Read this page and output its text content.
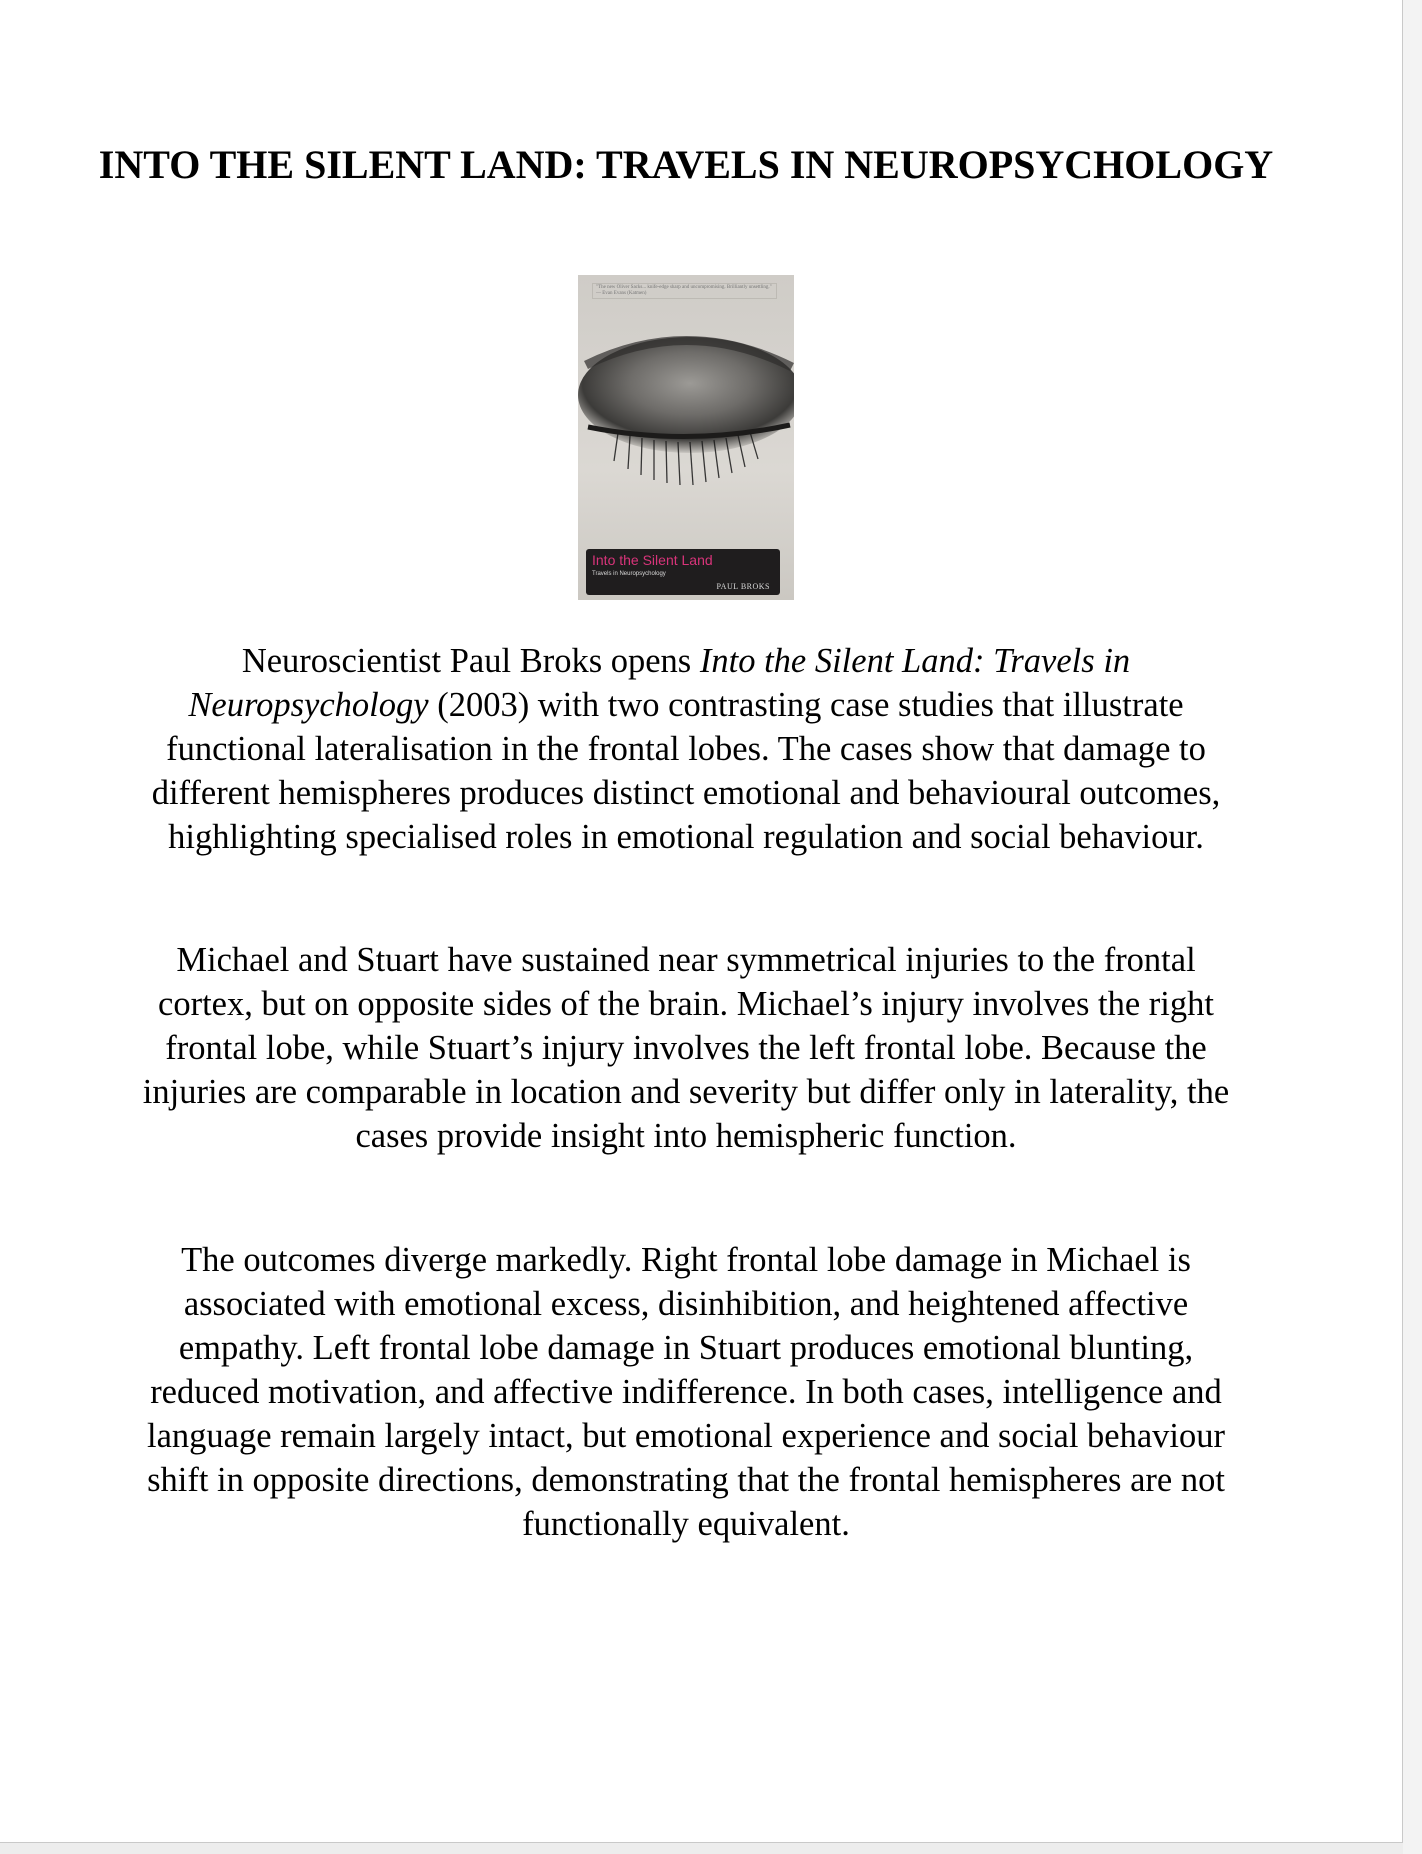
INTO THE SILENT LAND: TRAVELS IN NEUROPSYCHOLOGY
"The new Oliver Sacks... knife-edge sharp and uncompromising. Brilliantly unsettling." — Evan Evans (Katmen)
Into the Silent Land
Travels in Neuropsychology
PAUL BROKS

Neuroscientist Paul Broks opens Into the Silent Land: Travels in Neuropsychology (2003) with two contrasting case studies that illustrate functional lateralisation in the frontal lobes. The cases show that damage to different hemispheres produces distinct emotional and behavioural outcomes, highlighting specialised roles in emotional regulation and social behaviour.

Michael and Stuart have sustained near symmetrical injuries to the frontal cortex, but on opposite sides of the brain. Michael’s injury involves the right frontal lobe, while Stuart’s injury involves the left frontal lobe. Because the injuries are comparable in location and severity but differ only in laterality, the cases provide insight into hemispheric function.

The outcomes diverge markedly. Right frontal lobe damage in Michael is associated with emotional excess, disinhibition, and heightened affective empathy. Left frontal lobe damage in Stuart produces emotional blunting, reduced motivation, and affective indifference. In both cases, intelligence and language remain largely intact, but emotional experience and social behaviour shift in opposite directions, demonstrating that the frontal hemispheres are not functionally equivalent.
